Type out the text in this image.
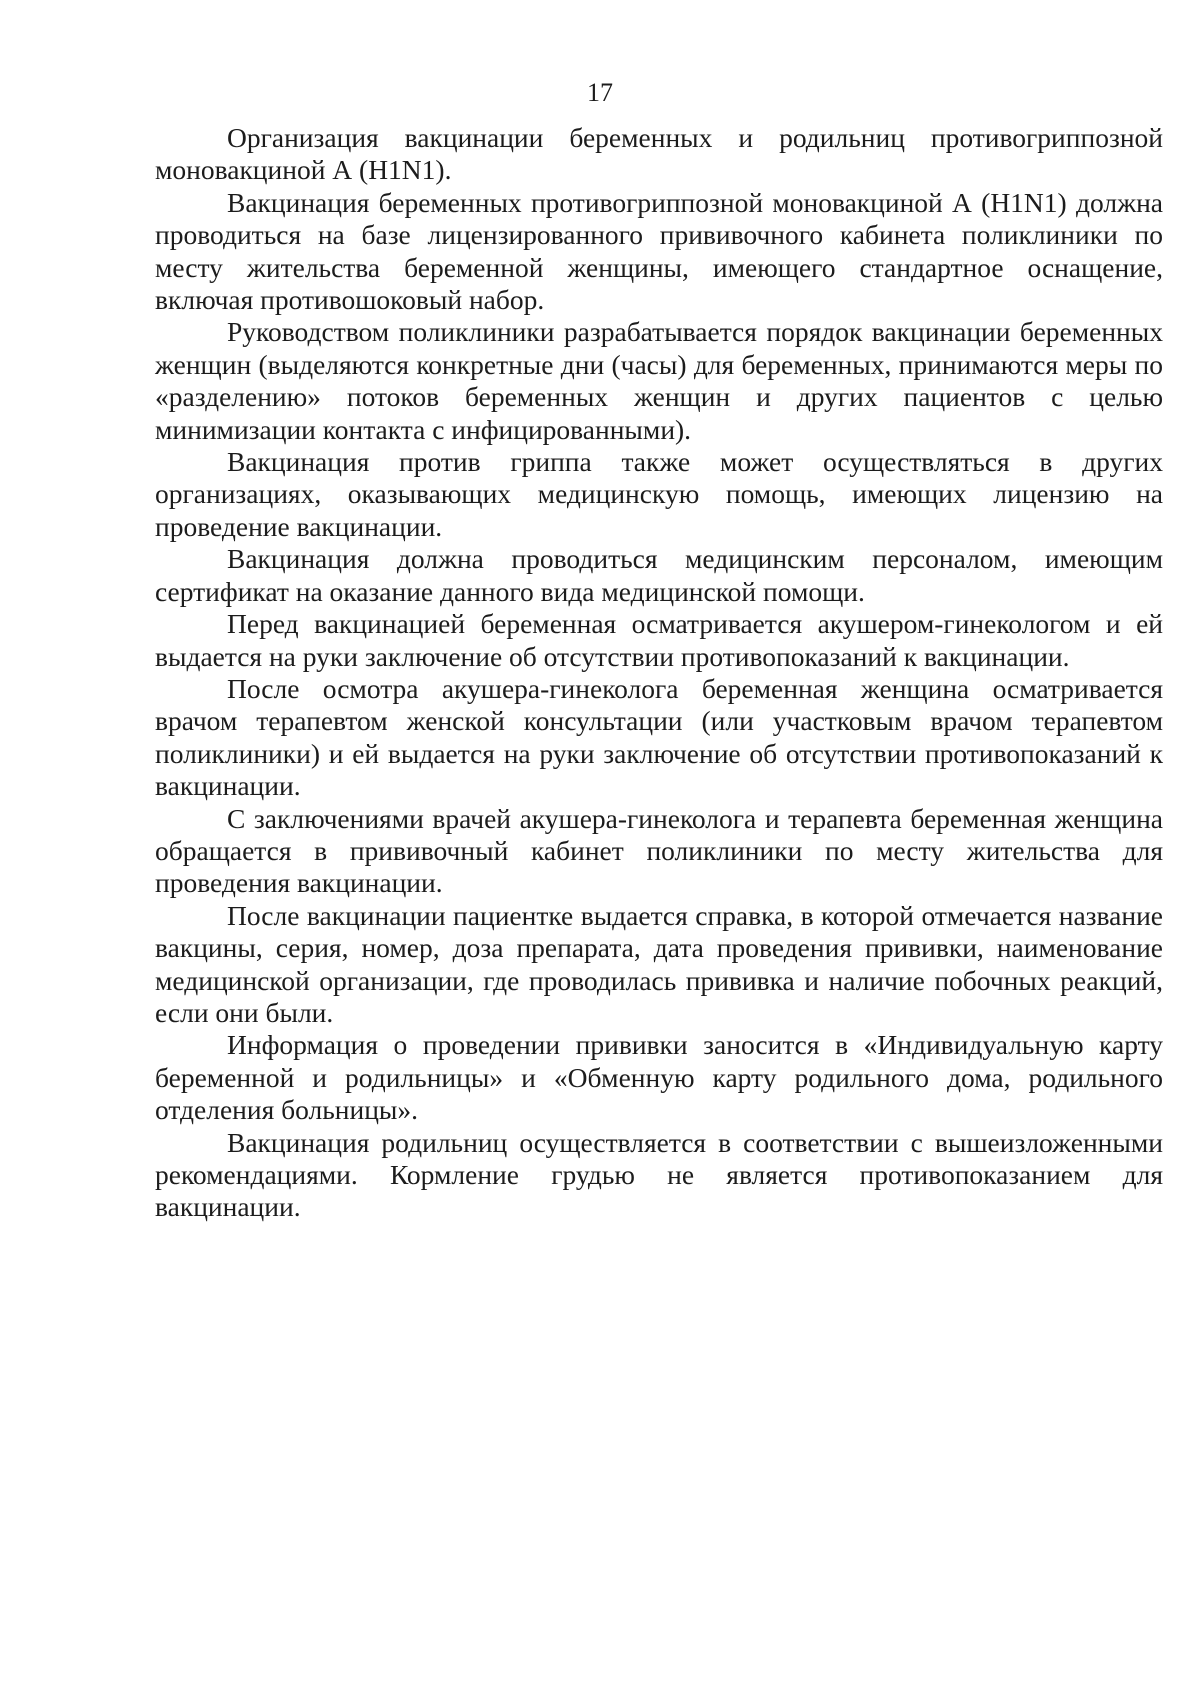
17

Организация вакцинации беременных и родильниц противогриппозной моновакциной А (H1N1).

Вакцинация беременных противогриппозной моновакциной А (H1N1) должна проводиться на базе лицензированного прививочного кабинета поликлиники по месту жительства беременной женщины, имеющего стандартное оснащение, включая противошоковый набор.

Руководством поликлиники разрабатывается порядок вакцинации беременных женщин (выделяются конкретные дни (часы) для беременных, принимаются меры по «разделению» потоков беременных женщин и других пациентов с целью минимизации контакта с инфицированными).

Вакцинация против гриппа также может осуществляться в других организациях, оказывающих медицинскую помощь, имеющих лицензию на проведение вакцинации.

Вакцинация должна проводиться медицинским персоналом, имеющим сертификат на оказание данного вида медицинской помощи.

Перед вакцинацией беременная осматривается акушером-гинекологом и ей выдается на руки заключение об отсутствии противопоказаний к вакцинации.

После осмотра акушера-гинеколога беременная женщина осматривается врачом терапевтом женской консультации (или участковым врачом терапевтом поликлиники) и ей выдается на руки заключение об отсутствии противопоказаний к вакцинации.

С заключениями врачей акушера-гинеколога и терапевта беременная женщина обращается в прививочный кабинет поликлиники по месту жительства для проведения вакцинации.

После вакцинации пациентке выдается справка, в которой отмечается название вакцины, серия, номер, доза препарата, дата проведения прививки, наименование медицинской организации, где проводилась прививка и наличие побочных реакций, если они были.

Информация о проведении прививки заносится в «Индивидуальную карту беременной и родильницы» и «Обменную карту родильного дома, родильного отделения больницы».

Вакцинация родильниц осуществляется в соответствии с вышеизложенными рекомендациями. Кормление грудью не является противопоказанием для вакцинации.
